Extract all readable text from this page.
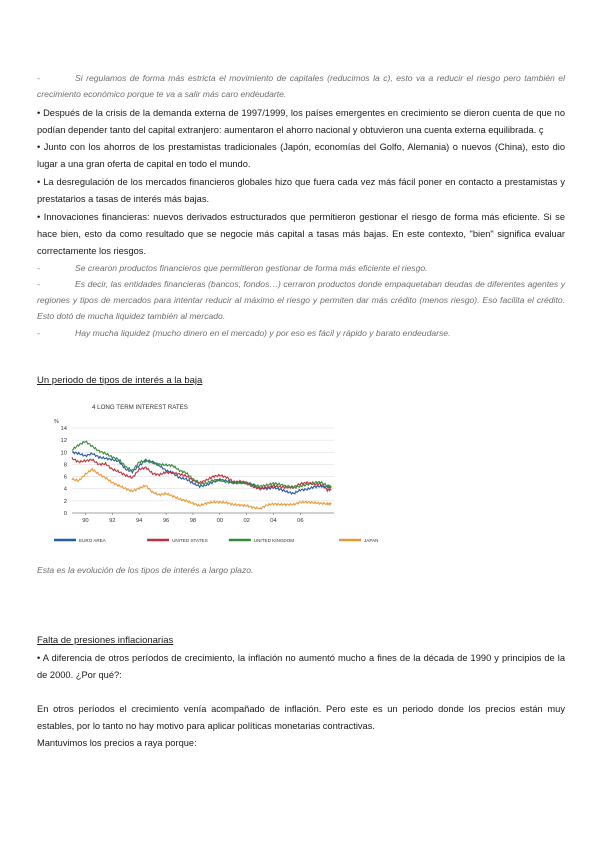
-	Si regulamos de forma más estricta el movimiento de capitales (reducimos la c), esto va a reducir el riesgo pero también el crecimiento económico porque te va a salir más caro endeudarte.

• Después de la crisis de la demanda externa de 1997/1999, los países emergentes en crecimiento se dieron cuenta de que no podían depender tanto del capital extranjero: aumentaron el ahorro nacional y obtuvieron una cuenta externa equilibrada. ç

• Junto con los ahorros de los prestamistas tradicionales (Japón, economías del Golfo, Alemania) o nuevos (China), esto dio lugar a una gran oferta de capital en todo el mundo.

• La desregulación de los mercados financieros globales hizo que fuera cada vez más fácil poner en contacto a prestamistas y prestatarios a tasas de interés más bajas.

• Innovaciones financieras: nuevos derivados estructurados que permitieron gestionar el riesgo de forma más eficiente. Si se hace bien, esto da como resultado que se negocie más capital a tasas más bajas. En este contexto, "bien" significa evaluar correctamente los riesgos.

-	Se crearon productos financieros que permitieron gestionar de forma más eficiente el riesgo.

-	Es decir, las entidades financieras (bancos, fondos…) cerraron productos donde empaquetaban deudas de diferentes agentes y regiones y tipos de mercados para intentar reducir al máximo el riesgo y permiten dar más crédito (menos riesgo). Eso facilita el crédito. Esto dotó de mucha liquidez también al mercado.

-	Hay mucha liquidez (mucho dinero en el mercado) y por eso es fácil y rápido y barato endeudarse.

Un periodo de tipos de interés a la baja

4 LONG TERM INTEREST RATES
%
0
2
4
6
8
10
12
14
90	92	94	96	98	00	02	04	06
EURO AREA	UNITED STATES	UNITED KINGDOM	JAPAN
Esta es la evolución de los tipos de interés a largo plazo.

Falta de presiones inflacionarias

• A diferencia de otros períodos de crecimiento, la inflación no aumentó mucho a fines de la década de 1990 y principios de la de 2000. ¿Por qué?:

En otros períodos el crecimiento venía acompañado de inflación. Pero este es un periodo donde los precios están muy estables, por lo tanto no hay motivo para aplicar políticas monetarias contractivas.

Mantuvimos los precios a raya porque:
